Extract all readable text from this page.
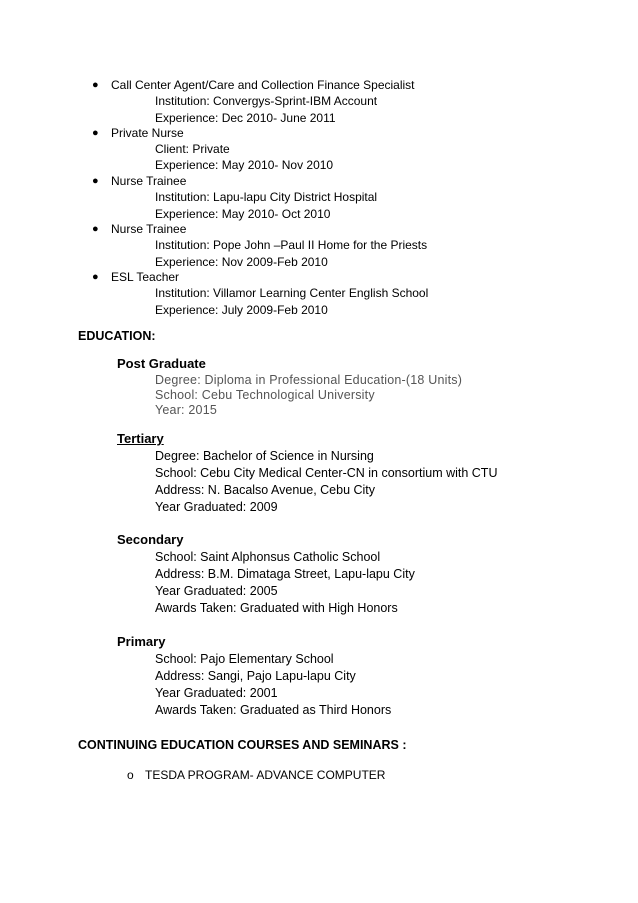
● Call Center Agent/Care and Collection Finance Specialist
Institution: Convergys-Sprint-IBM Account
Experience: Dec 2010- June 2011
● Private Nurse
Client: Private
Experience: May 2010- Nov 2010
● Nurse Trainee
Institution: Lapu-lapu City District Hospital
Experience: May 2010- Oct 2010
● Nurse Trainee
Institution: Pope John –Paul II Home for the Priests
Experience: Nov 2009-Feb 2010
● ESL Teacher
Institution: Villamor Learning Center English School
Experience: July 2009-Feb 2010
EDUCATION:
Post Graduate
Degree: Diploma in Professional Education-(18 Units)
School: Cebu Technological University
Year: 2015
Tertiary
Degree: Bachelor of Science in Nursing
School: Cebu City Medical Center-CN in consortium with CTU
Address: N. Bacalso Avenue, Cebu City
Year Graduated: 2009
Secondary
School: Saint Alphonsus Catholic School
Address: B.M. Dimataga Street, Lapu-lapu City
Year Graduated: 2005
Awards Taken: Graduated with High Honors
Primary
School: Pajo Elementary School
Address: Sangi, Pajo Lapu-lapu City
Year Graduated: 2001
Awards Taken: Graduated as Third Honors
CONTINUING EDUCATION COURSES AND SEMINARS :
o TESDA PROGRAM- ADVANCE COMPUTER
